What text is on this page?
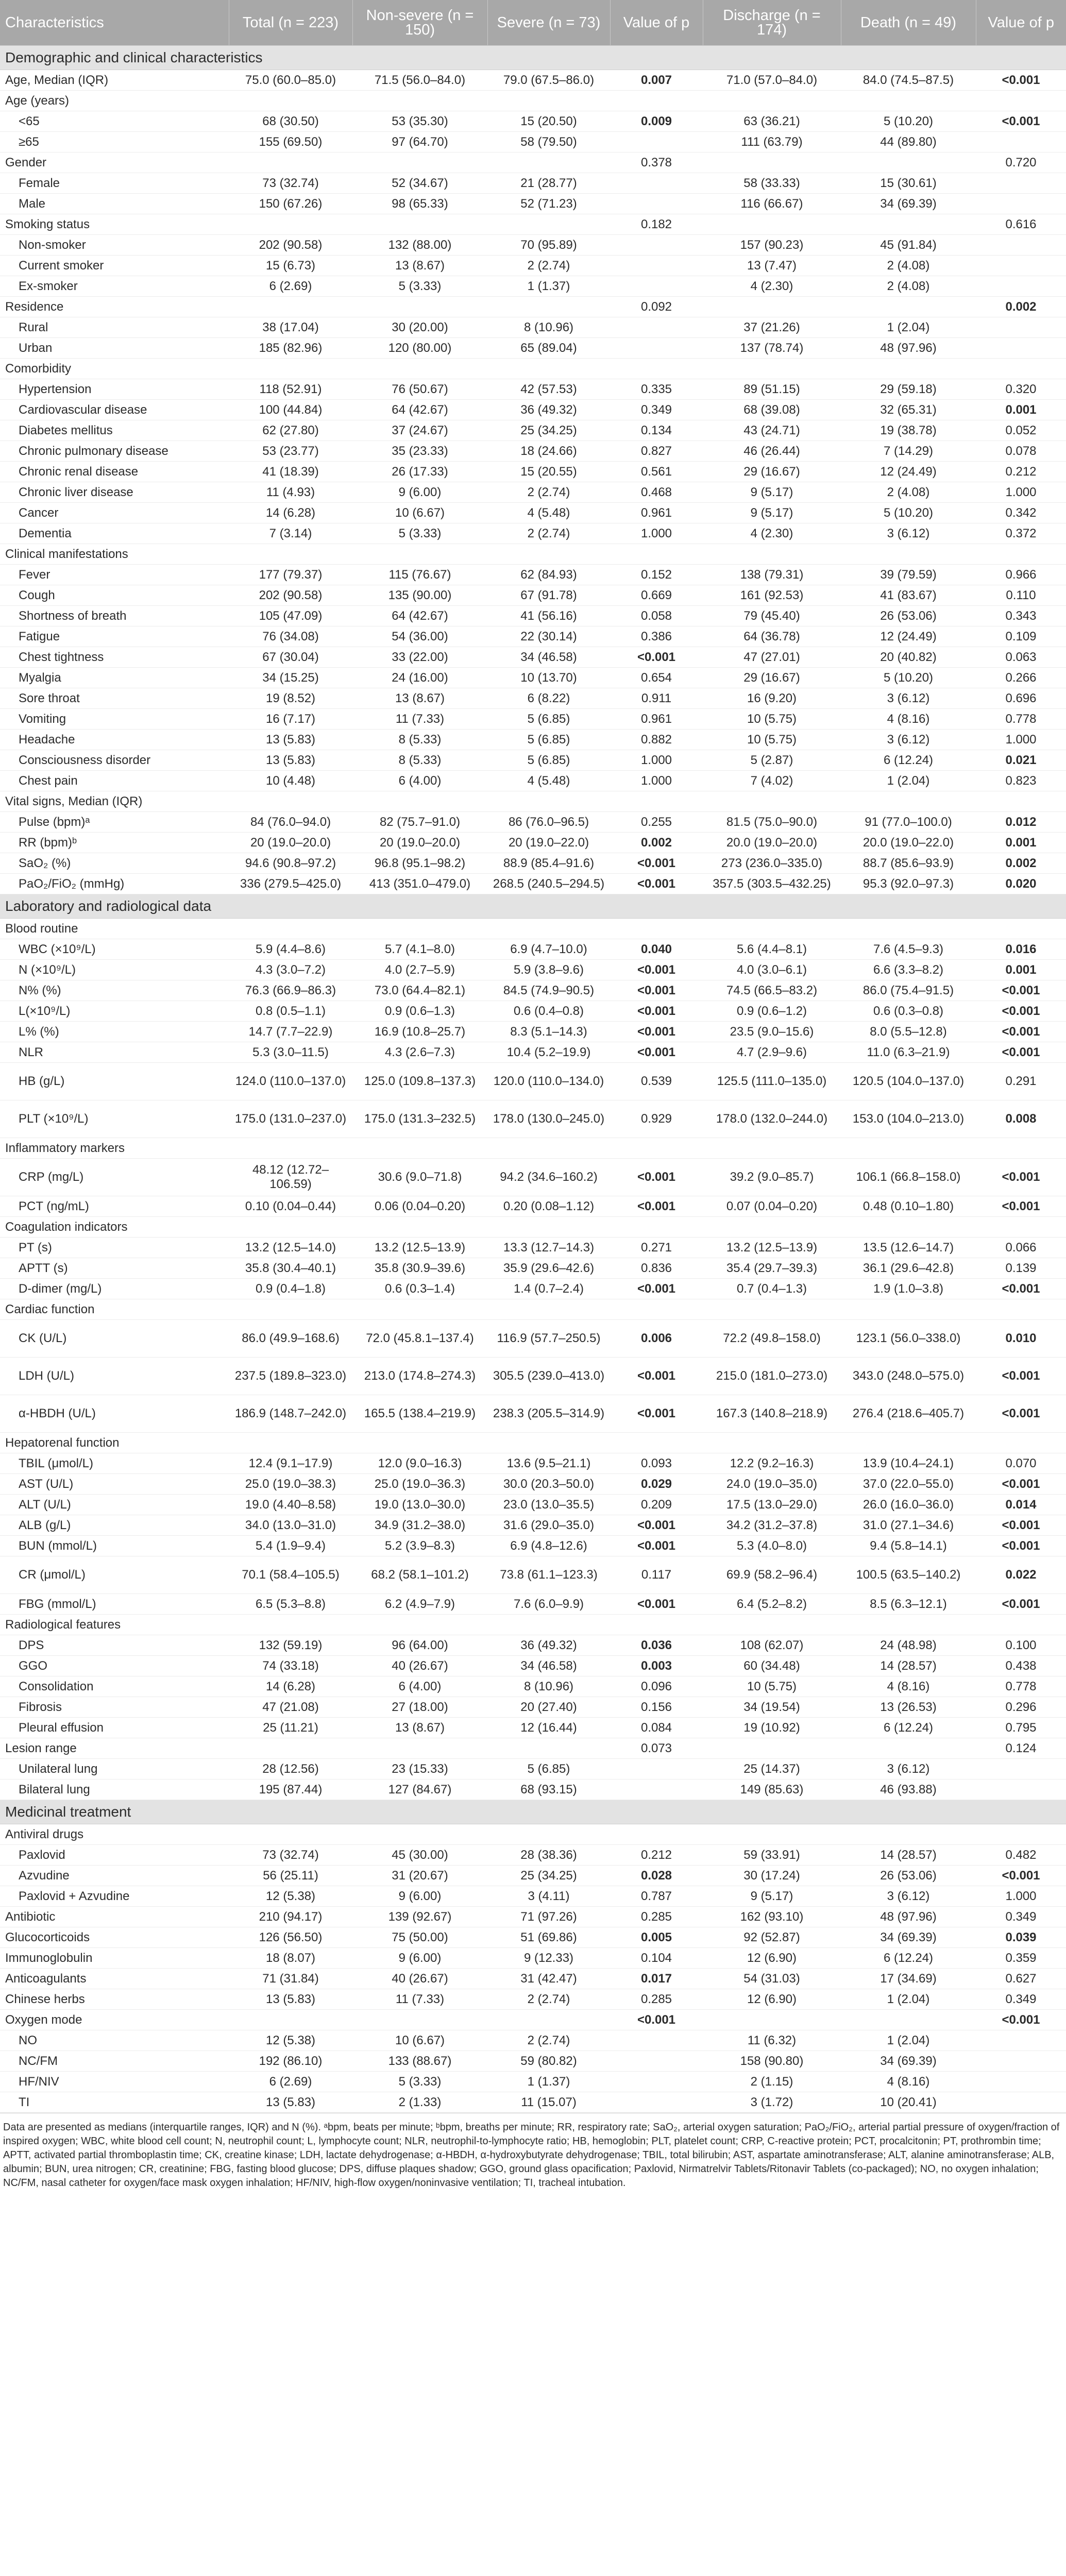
Characteristics	Total (n = 223)	Non-severe (n = 150)	Severe (n = 73)	Value of p	Discharge (n = 174)	Death (n = 49)	Value of p
Demographic and clinical characteristics							
Age, Median (IQR)	75.0 (60.0–85.0)	71.5 (56.0–84.0)	79.0 (67.5–86.0)	0.007	71.0 (57.0–84.0)	84.0 (74.5–87.5)	<0.001
Age (years)							
<65	68 (30.50)	53 (35.30)	15 (20.50)	0.009	63 (36.21)	5 (10.20)	<0.001
≥65	155 (69.50)	97 (64.70)	58 (79.50)		111 (63.79)	44 (89.80)	
Gender				0.378			0.720
Female	73 (32.74)	52 (34.67)	21 (28.77)		58 (33.33)	15 (30.61)	
Male	150 (67.26)	98 (65.33)	52 (71.23)		116 (66.67)	34 (69.39)	
Smoking status				0.182			0.616
Non-smoker	202 (90.58)	132 (88.00)	70 (95.89)		157 (90.23)	45 (91.84)	
Current smoker	15 (6.73)	13 (8.67)	2 (2.74)		13 (7.47)	2 (4.08)	
Ex-smoker	6 (2.69)	5 (3.33)	1 (1.37)		4 (2.30)	2 (4.08)	
Residence				0.092			0.002
Rural	38 (17.04)	30 (20.00)	8 (10.96)		37 (21.26)	1 (2.04)	
Urban	185 (82.96)	120 (80.00)	65 (89.04)		137 (78.74)	48 (97.96)	
Comorbidity							
Hypertension	118 (52.91)	76 (50.67)	42 (57.53)	0.335	89 (51.15)	29 (59.18)	0.320
Cardiovascular disease	100 (44.84)	64 (42.67)	36 (49.32)	0.349	68 (39.08)	32 (65.31)	0.001
Diabetes mellitus	62 (27.80)	37 (24.67)	25 (34.25)	0.134	43 (24.71)	19 (38.78)	0.052
Chronic pulmonary disease	53 (23.77)	35 (23.33)	18 (24.66)	0.827	46 (26.44)	7 (14.29)	0.078
Chronic renal disease	41 (18.39)	26 (17.33)	15 (20.55)	0.561	29 (16.67)	12 (24.49)	0.212
Chronic liver disease	11 (4.93)	9 (6.00)	2 (2.74)	0.468	9 (5.17)	2 (4.08)	1.000
Cancer	14 (6.28)	10 (6.67)	4 (5.48)	0.961	9 (5.17)	5 (10.20)	0.342
Dementia	7 (3.14)	5 (3.33)	2 (2.74)	1.000	4 (2.30)	3 (6.12)	0.372
Clinical manifestations							
Fever	177 (79.37)	115 (76.67)	62 (84.93)	0.152	138 (79.31)	39 (79.59)	0.966
Cough	202 (90.58)	135 (90.00)	67 (91.78)	0.669	161 (92.53)	41 (83.67)	0.110
Shortness of breath	105 (47.09)	64 (42.67)	41 (56.16)	0.058	79 (45.40)	26 (53.06)	0.343
Fatigue	76 (34.08)	54 (36.00)	22 (30.14)	0.386	64 (36.78)	12 (24.49)	0.109
Chest tightness	67 (30.04)	33 (22.00)	34 (46.58)	<0.001	47 (27.01)	20 (40.82)	0.063
Myalgia	34 (15.25)	24 (16.00)	10 (13.70)	0.654	29 (16.67)	5 (10.20)	0.266
Sore throat	19 (8.52)	13 (8.67)	6 (8.22)	0.911	16 (9.20)	3 (6.12)	0.696
Vomiting	16 (7.17)	11 (7.33)	5 (6.85)	0.961	10 (5.75)	4 (8.16)	0.778
Headache	13 (5.83)	8 (5.33)	5 (6.85)	0.882	10 (5.75)	3 (6.12)	1.000
Consciousness disorder	13 (5.83)	8 (5.33)	5 (6.85)	1.000	5 (2.87)	6 (12.24)	0.021
Chest pain	10 (4.48)	6 (4.00)	4 (5.48)	1.000	7 (4.02)	1 (2.04)	0.823
Vital signs, Median (IQR)							
Pulse (bpm)ᵃ	84 (76.0–94.0)	82 (75.7–91.0)	86 (76.0–96.5)	0.255	81.5 (75.0–90.0)	91 (77.0–100.0)	0.012
RR (bpm)ᵇ	20 (19.0–20.0)	20 (19.0–20.0)	20 (19.0–22.0)	0.002	20.0 (19.0–20.0)	20.0 (19.0–22.0)	0.001
SaO₂ (%)	94.6 (90.8–97.2)	96.8 (95.1–98.2)	88.9 (85.4–91.6)	<0.001	273 (236.0–335.0)	88.7 (85.6–93.9)	0.002
PaO₂/FiO₂ (mmHg)	336 (279.5–425.0)	413 (351.0–479.0)	268.5 (240.5–294.5)	<0.001	357.5 (303.5–432.25)	95.3 (92.0–97.3)	0.020
Laboratory and radiological data							
Blood routine							
WBC (×10⁹/L)	5.9 (4.4–8.6)	5.7 (4.1–8.0)	6.9 (4.7–10.0)	0.040	5.6 (4.4–8.1)	7.6 (4.5–9.3)	0.016
N (×10⁹/L)	4.3 (3.0–7.2)	4.0 (2.7–5.9)	5.9 (3.8–9.6)	<0.001	4.0 (3.0–6.1)	6.6 (3.3–8.2)	0.001
N% (%)	76.3 (66.9–86.3)	73.0 (64.4–82.1)	84.5 (74.9–90.5)	<0.001	74.5 (66.5–83.2)	86.0 (75.4–91.5)	<0.001
L(×10⁹/L)	0.8 (0.5–1.1)	0.9 (0.6–1.3)	0.6 (0.4–0.8)	<0.001	0.9 (0.6–1.2)	0.6 (0.3–0.8)	<0.001
L% (%)	14.7 (7.7–22.9)	16.9 (10.8–25.7)	8.3 (5.1–14.3)	<0.001	23.5 (9.0–15.6)	8.0 (5.5–12.8)	<0.001
NLR	5.3 (3.0–11.5)	4.3 (2.6–7.3)	10.4 (5.2–19.9)	<0.001	4.7 (2.9–9.6)	11.0 (6.3–21.9)	<0.001
HB (g/L)	124.0 (110.0–137.0)	125.0 (109.8–137.3)	120.0 (110.0–134.0)	0.539	125.5 (111.0–135.0)	120.5 (104.0–137.0)	0.291
PLT (×10⁹/L)	175.0 (131.0–237.0)	175.0 (131.3–232.5)	178.0 (130.0–245.0)	0.929	178.0 (132.0–244.0)	153.0 (104.0–213.0)	0.008
Inflammatory markers							
CRP (mg/L)	48.12 (12.72–106.59)	30.6 (9.0–71.8)	94.2 (34.6–160.2)	<0.001	39.2 (9.0–85.7)	106.1 (66.8–158.0)	<0.001
PCT (ng/mL)	0.10 (0.04–0.44)	0.06 (0.04–0.20)	0.20 (0.08–1.12)	<0.001	0.07 (0.04–0.20)	0.48 (0.10–1.80)	<0.001
Coagulation indicators							
PT (s)	13.2 (12.5–14.0)	13.2 (12.5–13.9)	13.3 (12.7–14.3)	0.271	13.2 (12.5–13.9)	13.5 (12.6–14.7)	0.066
APTT (s)	35.8 (30.4–40.1)	35.8 (30.9–39.6)	35.9 (29.6–42.6)	0.836	35.4 (29.7–39.3)	36.1 (29.6–42.8)	0.139
D-dimer (mg/L)	0.9 (0.4–1.8)	0.6 (0.3–1.4)	1.4 (0.7–2.4)	<0.001	0.7 (0.4–1.3)	1.9 (1.0–3.8)	<0.001
Cardiac function							
CK (U/L)	86.0 (49.9–168.6)	72.0 (45.8.1–137.4)	116.9 (57.7–250.5)	0.006	72.2 (49.8–158.0)	123.1 (56.0–338.0)	0.010
LDH (U/L)	237.5 (189.8–323.0)	213.0 (174.8–274.3)	305.5 (239.0–413.0)	<0.001	215.0 (181.0–273.0)	343.0 (248.0–575.0)	<0.001
α-HBDH (U/L)	186.9 (148.7–242.0)	165.5 (138.4–219.9)	238.3 (205.5–314.9)	<0.001	167.3 (140.8–218.9)	276.4 (218.6–405.7)	<0.001
Hepatorenal function							
TBIL (μmol/L)	12.4 (9.1–17.9)	12.0 (9.0–16.3)	13.6 (9.5–21.1)	0.093	12.2 (9.2–16.3)	13.9 (10.4–24.1)	0.070
AST (U/L)	25.0 (19.0–38.3)	25.0 (19.0–36.3)	30.0 (20.3–50.0)	0.029	24.0 (19.0–35.0)	37.0 (22.0–55.0)	<0.001
ALT (U/L)	19.0 (4.40–8.58)	19.0 (13.0–30.0)	23.0 (13.0–35.5)	0.209	17.5 (13.0–29.0)	26.0 (16.0–36.0)	0.014
ALB (g/L)	34.0 (13.0–31.0)	34.9 (31.2–38.0)	31.6 (29.0–35.0)	<0.001	34.2 (31.2–37.8)	31.0 (27.1–34.6)	<0.001
BUN (mmol/L)	5.4 (1.9–9.4)	5.2 (3.9–8.3)	6.9 (4.8–12.6)	<0.001	5.3 (4.0–8.0)	9.4 (5.8–14.1)	<0.001
CR (μmol/L)	70.1 (58.4–105.5)	68.2 (58.1–101.2)	73.8 (61.1–123.3)	0.117	69.9 (58.2–96.4)	100.5 (63.5–140.2)	0.022
FBG (mmol/L)	6.5 (5.3–8.8)	6.2 (4.9–7.9)	7.6 (6.0–9.9)	<0.001	6.4 (5.2–8.2)	8.5 (6.3–12.1)	<0.001
Radiological features							
DPS	132 (59.19)	96 (64.00)	36 (49.32)	0.036	108 (62.07)	24 (48.98)	0.100
GGO	74 (33.18)	40 (26.67)	34 (46.58)	0.003	60 (34.48)	14 (28.57)	0.438
Consolidation	14 (6.28)	6 (4.00)	8 (10.96)	0.096	10 (5.75)	4 (8.16)	0.778
Fibrosis	47 (21.08)	27 (18.00)	20 (27.40)	0.156	34 (19.54)	13 (26.53)	0.296
Pleural effusion	25 (11.21)	13 (8.67)	12 (16.44)	0.084	19 (10.92)	6 (12.24)	0.795
Lesion range				0.073			0.124
Unilateral lung	28 (12.56)	23 (15.33)	5 (6.85)		25 (14.37)	3 (6.12)	
Bilateral lung	195 (87.44)	127 (84.67)	68 (93.15)		149 (85.63)	46 (93.88)	
Medicinal treatment							
Antiviral drugs							
Paxlovid	73 (32.74)	45 (30.00)	28 (38.36)	0.212	59 (33.91)	14 (28.57)	0.482
Azvudine	56 (25.11)	31 (20.67)	25 (34.25)	0.028	30 (17.24)	26 (53.06)	<0.001
Paxlovid + Azvudine	12 (5.38)	9 (6.00)	3 (4.11)	0.787	9 (5.17)	3 (6.12)	1.000
Antibiotic	210 (94.17)	139 (92.67)	71 (97.26)	0.285	162 (93.10)	48 (97.96)	0.349
Glucocorticoids	126 (56.50)	75 (50.00)	51 (69.86)	0.005	92 (52.87)	34 (69.39)	0.039
Immunoglobulin	18 (8.07)	9 (6.00)	9 (12.33)	0.104	12 (6.90)	6 (12.24)	0.359
Anticoagulants	71 (31.84)	40 (26.67)	31 (42.47)	0.017	54 (31.03)	17 (34.69)	0.627
Chinese herbs	13 (5.83)	11 (7.33)	2 (2.74)	0.285	12 (6.90)	1 (2.04)	0.349
Oxygen mode				<0.001			<0.001
NO	12 (5.38)	10 (6.67)	2 (2.74)		11 (6.32)	1 (2.04)	
NC/FM	192 (86.10)	133 (88.67)	59 (80.82)		158 (90.80)	34 (69.39)	
HF/NIV	6 (2.69)	5 (3.33)	1 (1.37)		2 (1.15)	4 (8.16)	
TI	13 (5.83)	2 (1.33)	11 (15.07)		3 (1.72)	10 (20.41)	
Data are presented as medians (interquartile ranges, IQR) and N (%). ᵃbpm, beats per minute; ᵇbpm, breaths per minute; RR, respiratory rate; SaO₂, arterial oxygen saturation; PaO₂/FiO₂, arterial partial pressure of oxygen/fraction of inspired oxygen; WBC, white blood cell count; N, neutrophil count; L, lymphocyte count; NLR, neutrophil-to-lymphocyte ratio; HB, hemoglobin; PLT, platelet count; CRP, C-reactive protein; PCT, procalcitonin; PT, prothrombin time; APTT, activated partial thromboplastin time; CK, creatine kinase; LDH, lactate dehydrogenase; α-HBDH, α-hydroxybutyrate dehydrogenase; TBIL, total bilirubin; AST, aspartate aminotransferase; ALT, alanine aminotransferase; ALB, albumin; BUN, urea nitrogen; CR, creatinine; FBG, fasting blood glucose; DPS, diffuse plaques shadow; GGO, ground glass opacification; Paxlovid, Nirmatrelvir Tablets/Ritonavir Tablets (co-packaged); NO, no oxygen inhalation; NC/FM, nasal catheter for oxygen/face mask oxygen inhalation; HF/NIV, high-flow oxygen/noninvasive ventilation; TI, tracheal intubation.
